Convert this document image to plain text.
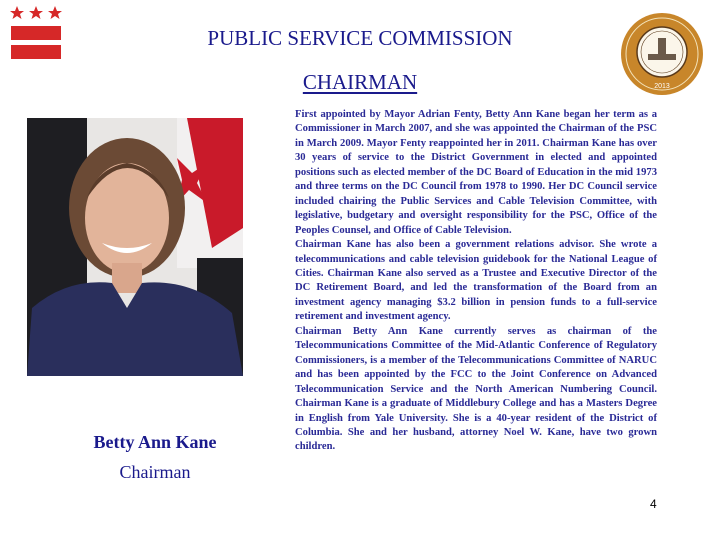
PUBLIC SERVICE COMMISSION
CHAIRMAN	2013
Betty Ann Kane
Chairman

First appointed by Mayor Adrian Fenty, Betty Ann Kane began her term as a Commissioner in March 2007, and she was appointed the Chairman of the PSC in March 2009. Mayor Fenty reappointed her in 2011. Chairman Kane has over 30 years of service to the District Government in elected and appointed positions such as elected member of the DC Board of Education in the mid 1973 and three terms on the DC Council from 1978 to 1990. Her DC Council service included chairing the Public Services and Cable Television Committee, with legislative, budgetary and oversight responsibility for the PSC, Office of the Peoples Counsel, and Office of Cable Television.

Chairman Kane has also been a government relations advisor. She wrote a telecommunications and cable television guidebook for the National League of Cities. Chairman Kane also served as a Trustee and Executive Director of the DC Retirement Board, and led the transformation of the Board from an investment agency managing $3.2 billion in pension funds to a full-service retirement and investment agency.

Chairman Betty Ann Kane currently serves as chairman of the Telecommunications Committee of the Mid-Atlantic Conference of Regulatory Commissioners, is a member of the Telecommunications Committee of NARUC and has been appointed by the FCC to the Joint Conference on Advanced Telecommunication Service and the North American Numbering Council. Chairman Kane is a graduate of Middlebury College and has a Masters Degree in English from Yale University. She is a 40-year resident of the District of Columbia. She and her husband, attorney Noel W. Kane, have two grown children.

4
